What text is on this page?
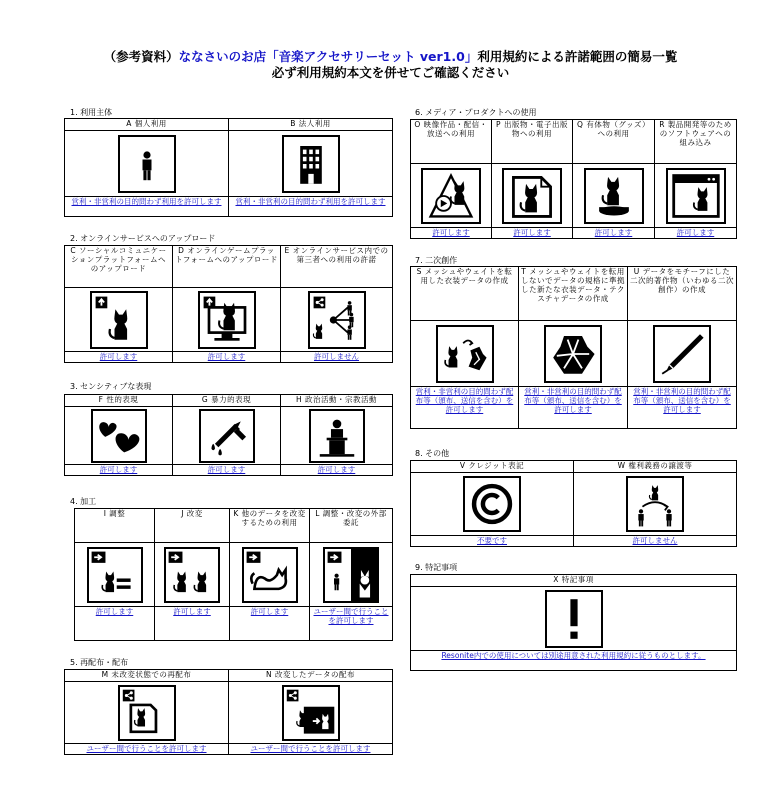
（参考資料）ななさいのお店「音楽アクセサリーセット ver1.0」利用規約による許諾範囲の簡易一覧
必ず利用規約本文を併せてご確認ください
1. 利用主体
A 個人利用	B 法人利用

営利・非営利の目的問わず利用を許可します	営利・非営利の目的問わず利用を許可します
2. オンラインサービスへのアップロード
C ソーシャルコミュニケーションプラットフォームへのアップロード	D オンラインゲームプラットフォームへのアップロード	E オンラインサービス内での第三者への利用の許諾

許可します	許可します	許可しません
3. センシティブな表現
F 性的表現	G 暴力的表現	H 政治活動・宗教活動

許可します	許可します	許可します
4. 加工
I 調整	J 改変	K 他のデータを改変するための利用	L 調整・改変の外部委託

許可します	許可します	許可します	ユーザー間で行うことを許可します
5. 再配布・配布
M 未改変状態での再配布	N 改変したデータの配布

ユーザー間で行うことを許可します	ユーザー間で行うことを許可します
6. メディア・プロダクトへの使用
O 映像作品・配信・放送への利用	P 出版物・電子出版物への利用	Q 有体物（グッズ）への利用	R 製品開発等のためのソフトウェアへの組み込み

許可します	許可します	許可します	許可します
7. 二次創作
S メッシュやウェイトを転用した衣装データの作成	T メッシュやウェイトを転用しないでデータの規格に準拠した新たな衣装データ・テクスチャデータの作成	U データをモチーフにした二次的著作物（いわゆる二次創作）の作成

営利・非営利の目的問わず配布等（頒布、送信を含む）を許可します	営利・非営利の目的問わず配布等（頒布、送信を含む）を許可します	営利・非営利の目的問わず配布等（頒布、送信を含む）を許可します
8. その他
V クレジット表記	W 権利義務の譲渡等

不要です	許可しません
9. 特記事項
X 特記事項

Resonite内での使用については別途用意された利用規約に従うものとします。
